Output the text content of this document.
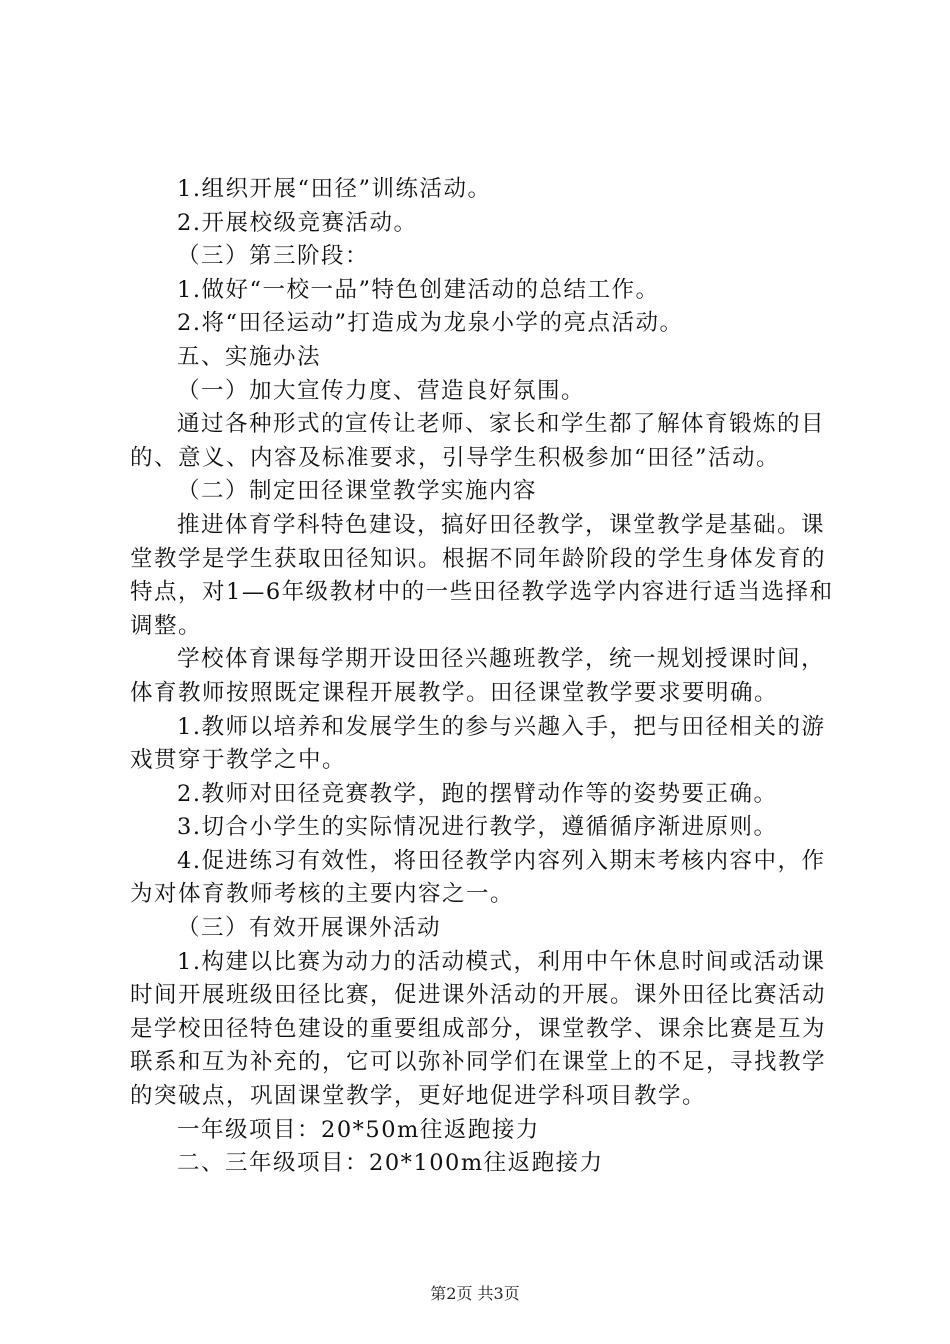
1.组织开展“田径”训练活动。

2.开展校级竞赛活动。

（三）第三阶段：

1.做好“一校一品”特色创建活动的总结工作。

2.将“田径运动”打造成为龙泉小学的亮点活动。

五、实施办法

（一）加大宣传力度、营造良好氛围。

通过各种形式的宣传让老师、家长和学生都了解体育锻炼的目的、意义、内容及标准要求，引导学生积极参加“田径”活动。

（二）制定田径课堂教学实施内容

推进体育学科特色建设，搞好田径教学，课堂教学是基础。课堂教学是学生获取田径知识。根据不同年龄阶段的学生身体发育的特点，对1—6年级教材中的一些田径教学选学内容进行适当选择和调整。

学校体育课每学期开设田径兴趣班教学，统一规划授课时间，体育教师按照既定课程开展教学。田径课堂教学要求要明确。

1.教师以培养和发展学生的参与兴趣入手，把与田径相关的游戏贯穿于教学之中。

2.教师对田径竞赛教学，跑的摆臂动作等的姿势要正确。

3.切合小学生的实际情况进行教学，遵循循序渐进原则。

4.促进练习有效性，将田径教学内容列入期末考核内容中，作为对体育教师考核的主要内容之一。

（三）有效开展课外活动

1.构建以比赛为动力的活动模式，利用中午休息时间或活动课时间开展班级田径比赛，促进课外活动的开展。课外田径比赛活动是学校田径特色建设的重要组成部分，课堂教学、课余比赛是互为联系和互为补充的，它可以弥补同学们在课堂上的不足，寻找教学的突破点，巩固课堂教学，更好地促进学科项目教学。

一年级项目：20*50m往返跑接力

二、三年级项目：20*100m往返跑接力

第2页 共3页
